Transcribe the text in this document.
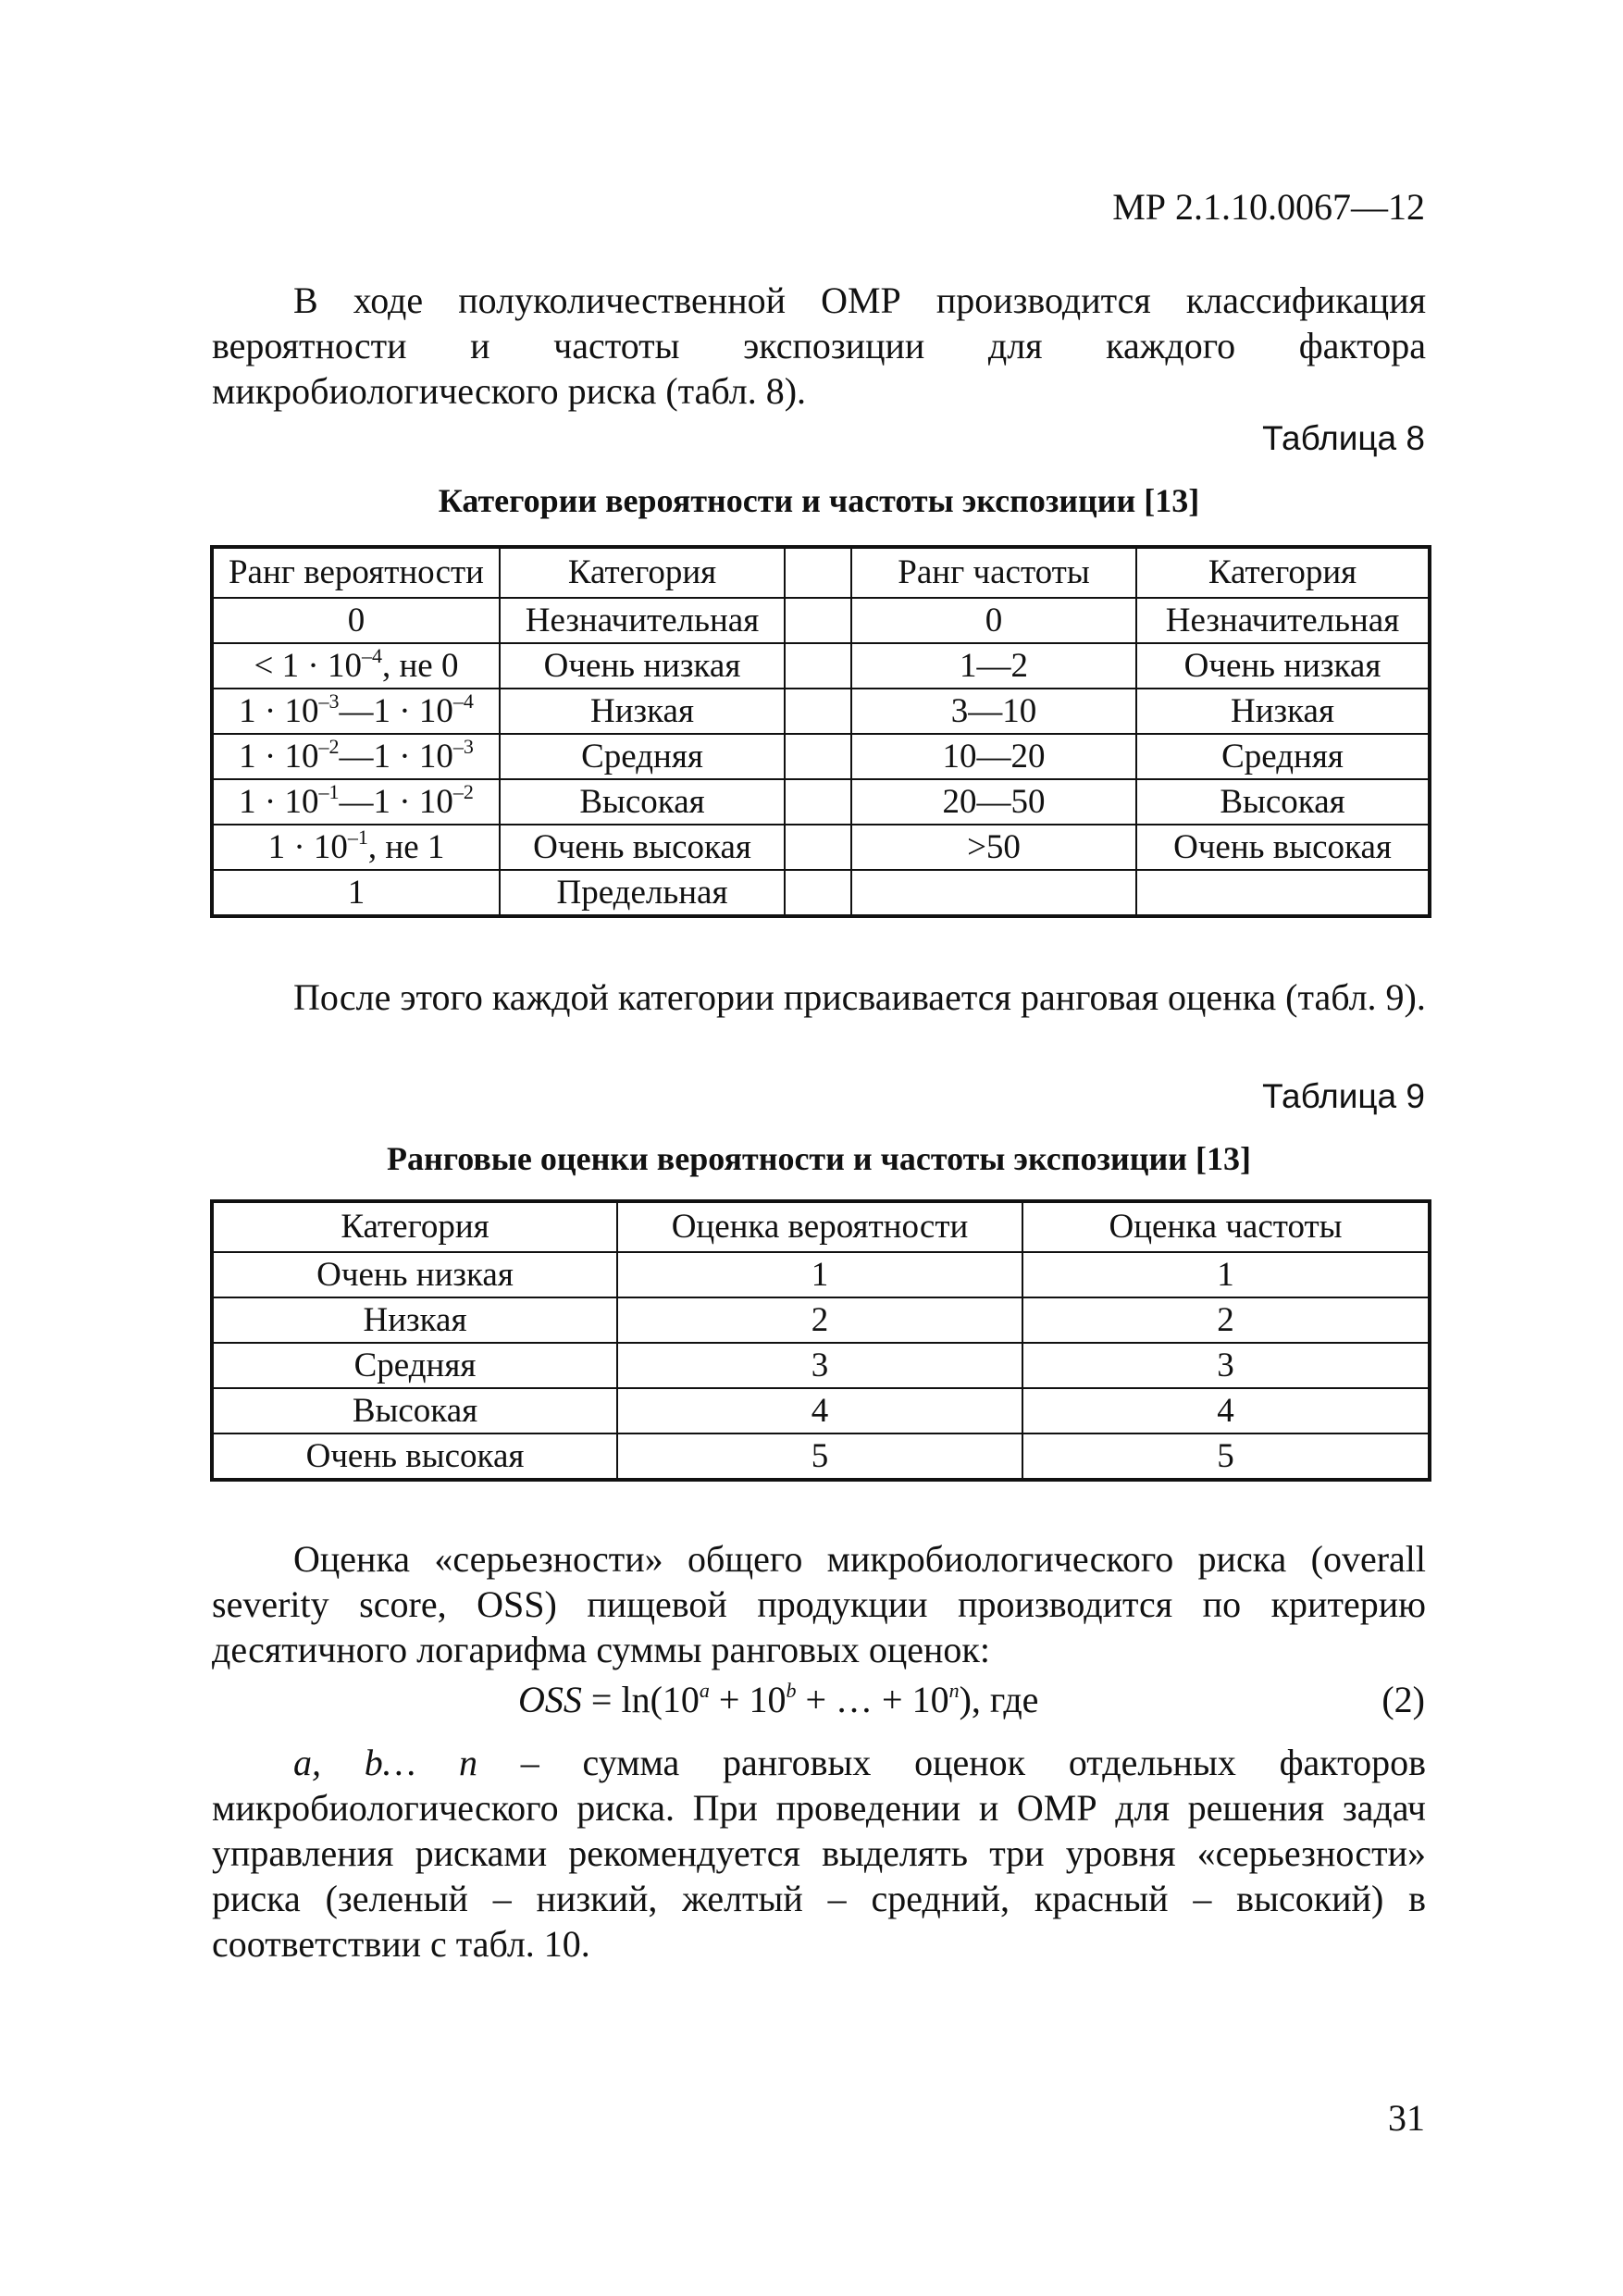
МР 2.1.10.0067—12

В ходе полуколичественной ОМР производится классификация вероятности и частоты экспозиции для каждого фактора микробиологического риска (табл. 8).

Таблица 8
Категории вероятности и частоты экспозиции [13]
Ранг вероятности	Категория		Ранг частоты	Категория
0	Незначительная		0	Незначительная
< $1 \cdot 10^{-4}$, не 0	Очень низкая		1—2	Очень низкая
$1 \cdot 10^{-3}—1 \cdot 10^{-4}$	Низкая		3—10	Низкая
$1 \cdot 10^{-2}—1 \cdot 10^{-3}$	Средняя		10—20	Средняя
$1 \cdot 10^{-1}—1 \cdot 10^{-2}$	Высокая		20—50	Высокая
$1 \cdot 10^{-1}$, не 1	Очень высокая		>50	Очень высокая
1	Предельная			

После этого каждой категории присваивается ранговая оценка (табл. 9).

Таблица 9
Ранговые оценки вероятности и частоты экспозиции [13]
Категория	Оценка вероятности	Оценка частоты
Очень низкая	1	1
Низкая	2	2
Средняя	3	3
Высокая	4	4
Очень высокая	5	5

Оценка «серьезности» общего микробиологического риска (overall severity score, OSS) пищевой продукции производится по критерию десятичного логарифма суммы ранговых оценок:

OSS = $\ln(10^a + 10^b$ + … + $10^n$), где	(2)

a, b… n – сумма ранговых оценок отдельных факторов микробиологического риска. При проведении и ОМР для решения задач управления рисками рекомендуется выделять три уровня «серьезности» риска (зеленый – низкий, желтый – средний, красный – высокий) в соответствии с табл. 10.

31
